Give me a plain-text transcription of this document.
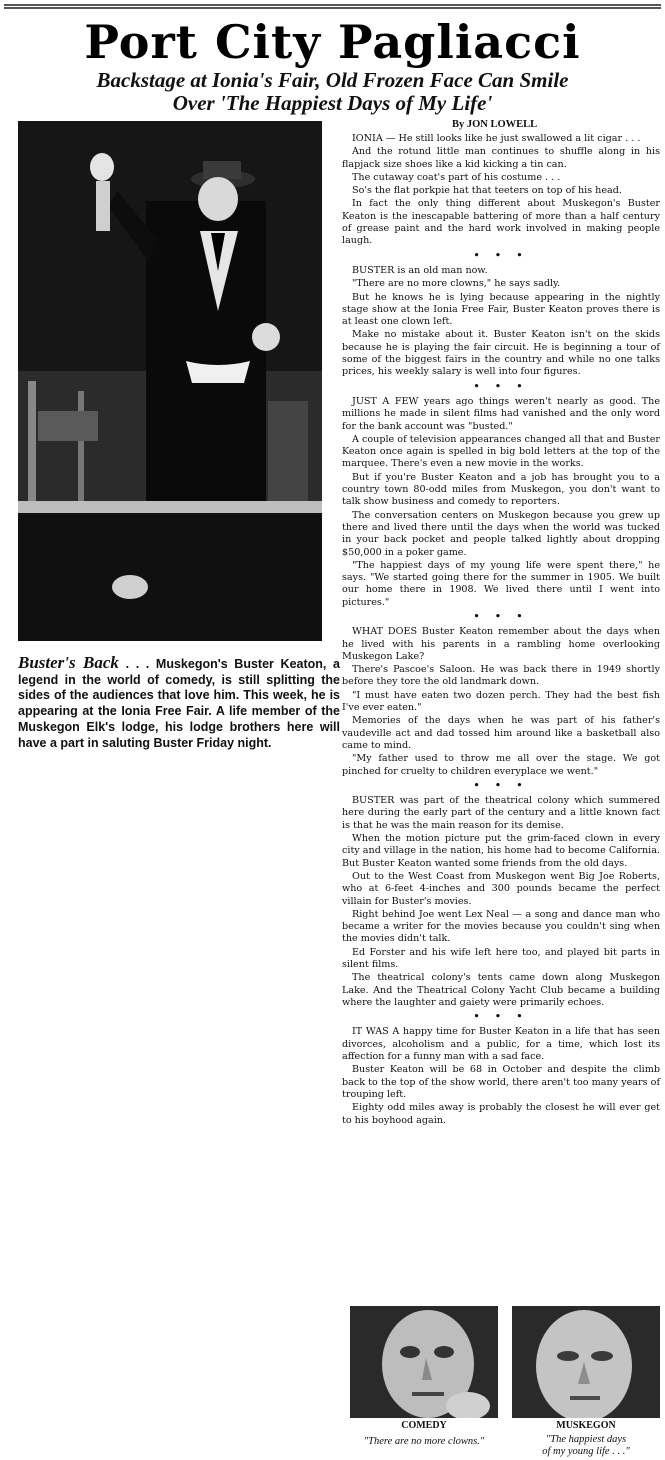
Port City Pagliacci
Backstage at Ionia's Fair, Old Frozen Face Can Smile
Over 'The Happiest Days of My Life'
Buster's Back . . . Muskegon's Buster Keaton, a legend in the world of comedy, is still splitting the sides of the audiences that love him. This week, he is appearing at the Ionia Free Fair. A life member of the Muskegon Elk's lodge, his lodge brothers here will have a part in saluting Buster Friday night.
By JON LOWELL

IONIA — He still looks like he just swallowed a lit cigar . . .

And the rotund little man continues to shuffle along in his flapjack size shoes like a kid kicking a tin can.

The cutaway coat's part of his costume . . .

So's the flat porkpie hat that teeters on top of his head.

In fact the only thing different about Muskegon's Buster Keaton is the inescapable battering of more than a half century of grease paint and the hard work involved in making people laugh.

• • •

BUSTER is an old man now.

"There are no more clowns," he says sadly.

But he knows he is lying because appearing in the nightly stage show at the Ionia Free Fair, Buster Keaton proves there is at least one clown left.

Make no mistake about it. Buster Keaton isn't on the skids because he is playing the fair circuit. He is beginning a tour of some of the biggest fairs in the country and while no one talks prices, his weekly salary is well into four figures.

• • •

JUST A FEW years ago things weren't nearly as good. The millions he made in silent films had vanished and the only word for the bank account was "busted."

A couple of television appearances changed all that and Buster Keaton once again is spelled in big bold letters at the top of the marquee. There's even a new movie in the works.

But if you're Buster Keaton and a job has brought you to a country town 80-odd miles from Muskegon, you don't want to talk show business and comedy to reporters.

The conversation centers on Muskegon because you grew up there and lived there until the days when the world was tucked in your back pocket and people talked lightly about dropping $50,000 in a poker game.

"The happiest days of my young life were spent there," he says. "We started going there for the summer in 1905. We built our home there in 1908. We lived there until I went into pictures."

• • •

WHAT DOES Buster Keaton remember about the days when he lived with his parents in a rambling home overlooking Muskegon Lake?

There's Pascoe's Saloon. He was back there in 1949 shortly before they tore the old landmark down.

"I must have eaten two dozen perch. They had the best fish I've ever eaten."

Memories of the days when he was part of his father's vaudeville act and dad tossed him around like a basketball also came to mind.

"My father used to throw me all over the stage. We got pinched for cruelty to children everyplace we went."

• • •

BUSTER was part of the theatrical colony which summered here during the early part of the century and a little known fact is that he was the main reason for its demise.

When the motion picture put the grim-faced clown in every city and village in the nation, his home had to become California. But Buster Keaton wanted some friends from the old days.

Out to the West Coast from Muskegon went Big Joe Roberts, who at 6-feet 4-inches and 300 pounds became the perfect villain for Buster's movies.

Right behind Joe went Lex Neal — a song and dance man who became a writer for the movies because you couldn't sing when the movies didn't talk.

Ed Forster and his wife left here too, and played bit parts in silent films.

The theatrical colony's tents came down along Muskegon Lake. And the Theatrical Colony Yacht Club became a building where the laughter and gaiety were primarily echoes.

• • •

IT WAS A happy time for Buster Keaton in a life that has seen divorces, alcoholism and a public, for a time, which lost its affection for a funny man with a sad face.

Buster Keaton will be 68 in October and despite the climb back to the top of the show world, there aren't too many years of trouping left.

Eighty odd miles away is probably the closest he will ever get to his boyhood again.

COMEDY
"There are no more clowns."
MUSKEGON
"The happiest days
of my young life . . ."
